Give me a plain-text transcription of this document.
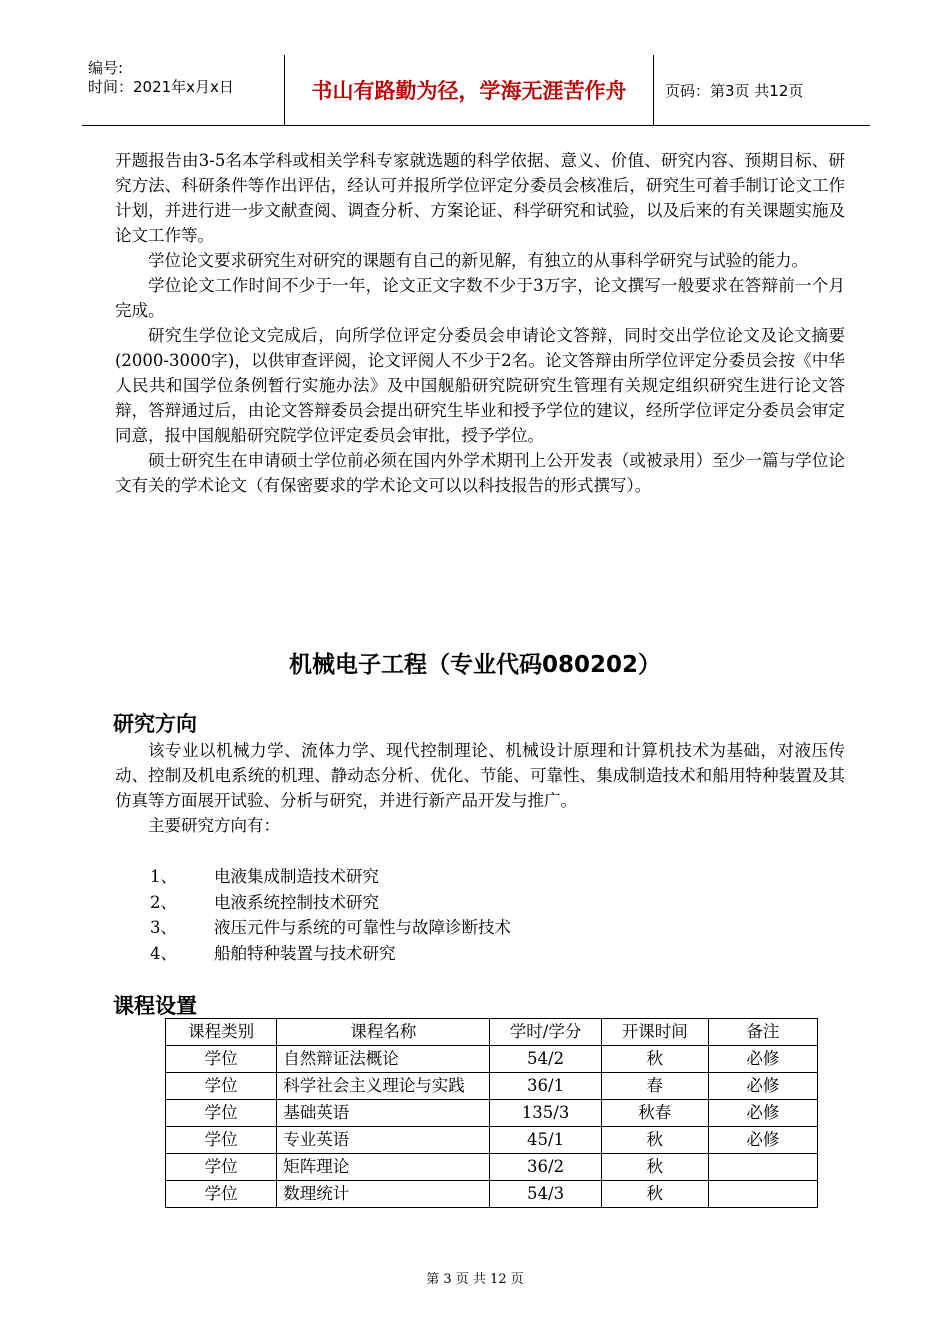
编号:
时间：2021年x月x日	书山有路勤为径，学海无涯苦作舟	页码：第3页 共12页

开题报告由3-5名本学科或相关学科专家就选题的科学依据、意义、价值、研究内容、预期目标、研究方法、科研条件等作出评估，经认可并报所学位评定分委员会核准后，研究生可着手制订论文工作计划，并进行进一步文献查阅、调查分析、方案论证、科学研究和试验，以及后来的有关课题实施及论文工作等。

学位论文要求研究生对研究的课题有自己的新见解，有独立的从事科学研究与试验的能力。

学位论文工作时间不少于一年，论文正文字数不少于3万字，论文撰写一般要求在答辩前一个月完成。

研究生学位论文完成后，向所学位评定分委员会申请论文答辩，同时交出学位论文及论文摘要(2000-3000字)，以供审查评阅，论文评阅人不少于2名。论文答辩由所学位评定分委员会按《中华人民共和国学位条例暂行实施办法》及中国舰船研究院研究生管理有关规定组织研究生进行论文答辩，答辩通过后，由论文答辩委员会提出研究生毕业和授予学位的建议，经所学位评定分委员会审定同意，报中国舰船研究院学位评定委员会审批，授予学位。

硕士研究生在申请硕士学位前必须在国内外学术期刊上公开发表（或被录用）至少一篇与学位论文有关的学术论文（有保密要求的学术论文可以以科技报告的形式撰写）。

机械电子工程（专业代码080202）
研究方向

该专业以机械力学、流体力学、现代控制理论、机械设计原理和计算机技术为基础，对液压传动、控制及机电系统的机理、静动态分析、优化、节能、可靠性、集成制造技术和船用特种装置及其仿真等方面展开试验、分析与研究，并进行新产品开发与推广。

主要研究方向有：

1、	电液集成制造技术研究
2、	电液系统控制技术研究
3、	液压元件与系统的可靠性与故障诊断技术
4、	船舶特种装置与技术研究
课程设置
课程类别	课程名称	学时/学分	开课时间	备注
学位	自然辩证法概论	54/2	秋	必修
学位	科学社会主义理论与实践	36/1	春	必修
学位	基础英语	135/3	秋春	必修
学位	专业英语	45/1	秋	必修
学位	矩阵理论	36/2	秋	
学位	数理统计	54/3	秋	
第 3 页 共 12 页
